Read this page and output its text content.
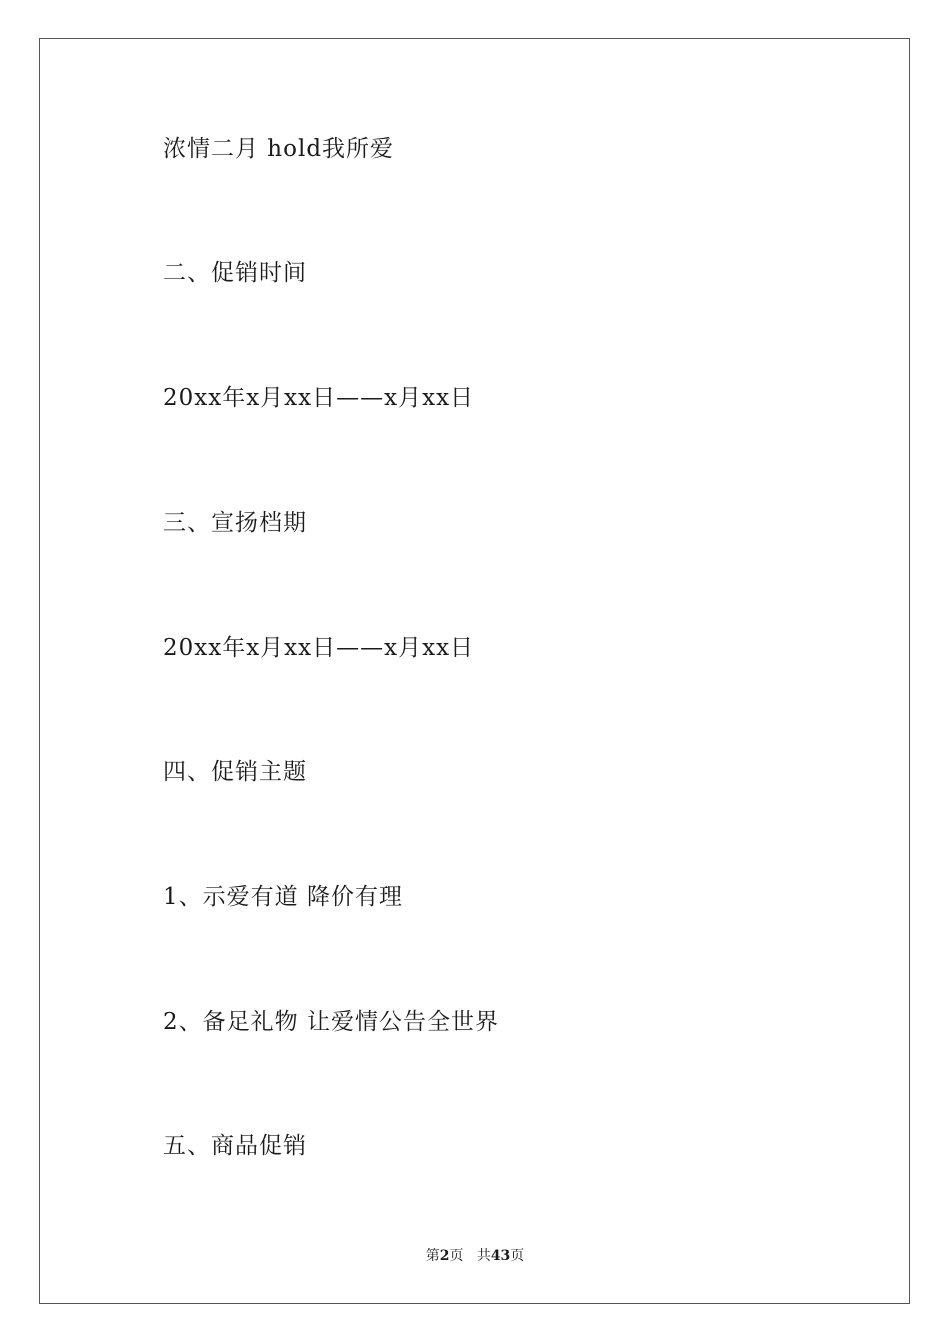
浓情二月 hold我所爱
二、促销时间
20xx年x月xx日——x月xx日
三、宣扬档期
20xx年x月xx日——x月xx日
四、促销主题
1、示爱有道 降价有理
2、备足礼物 让爱情公告全世界
五、商品促销
第2页 共43页
